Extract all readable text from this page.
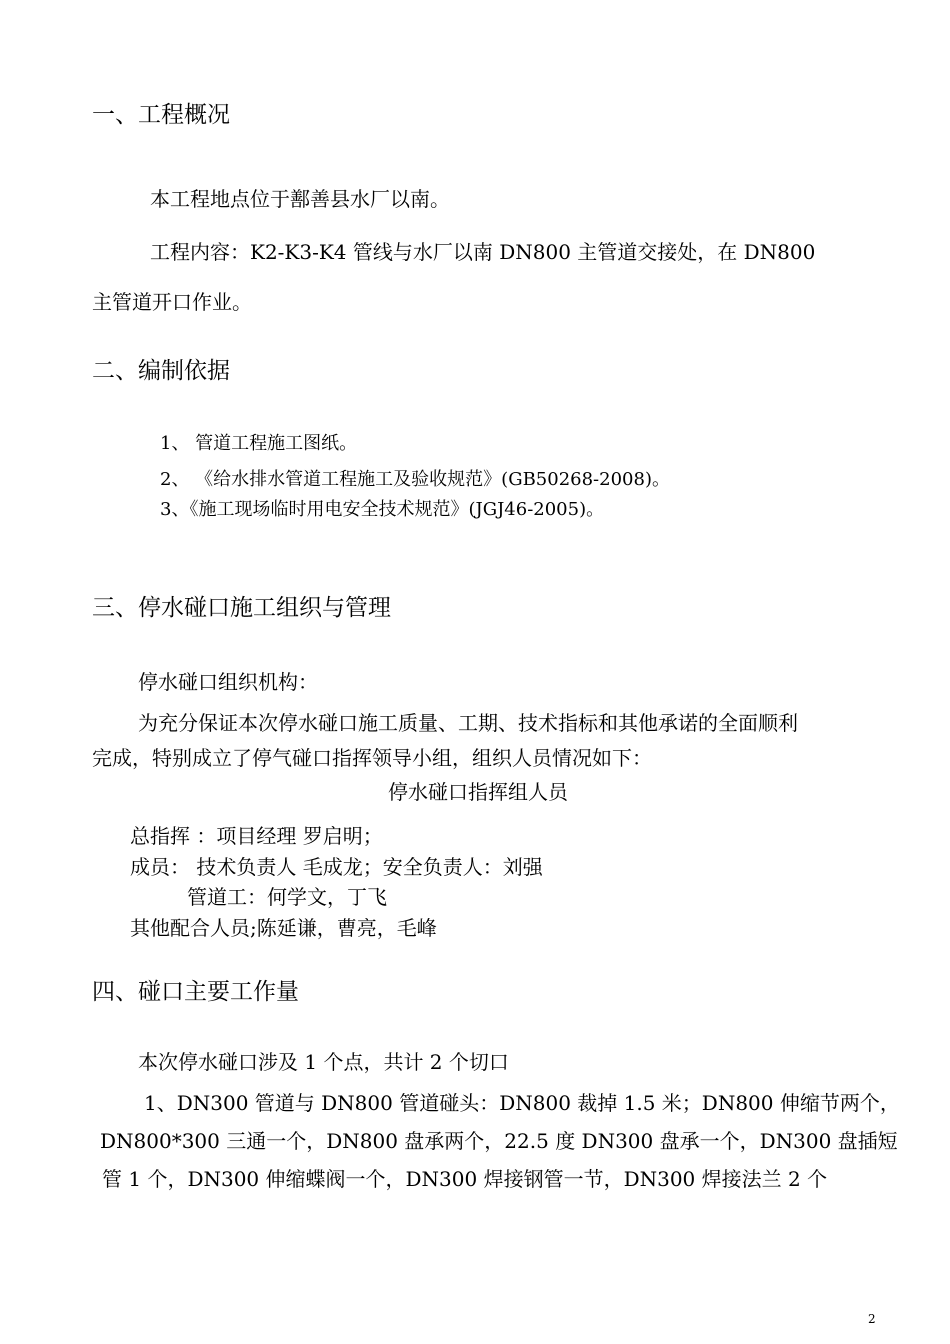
一、工程概况
本工程地点位于鄯善县水厂以南。
工程内容：K2-K3-K4 管线与水厂以南 DN800 主管道交接处，在 DN800
主管道开口作业。
二、编制依据
1、 管道工程施工图纸。
2、 《给水排水管道工程施工及验收规范》(GB50268-2008)。
3、《施工现场临时用电安全技术规范》(JGJ46-2005)。
三、停水碰口施工组织与管理
停水碰口组织机构：
为充分保证本次停水碰口施工质量、工期、技术指标和其他承诺的全面顺利
完成，特别成立了停气碰口指挥领导小组，组织人员情况如下：
停水碰口指挥组人员
总指挥 ：项目经理 罗启明；
成员： 技术负责人 毛成龙；安全负责人：刘强
管道工：何学文，丁飞
其他配合人员;陈延谦，曹亮，毛峰
四、碰口主要工作量
本次停水碰口涉及 1 个点，共计 2 个切口
1、DN300 管道与 DN800 管道碰头：DN800 裁掉 1.5 米；DN800 伸缩节两个，
DN800*300 三通一个，DN800 盘承两个，22.5 度 DN300 盘承一个，DN300 盘插短
管 1 个，DN300 伸缩蝶阀一个，DN300 焊接钢管一节，DN300 焊接法兰 2 个
2
